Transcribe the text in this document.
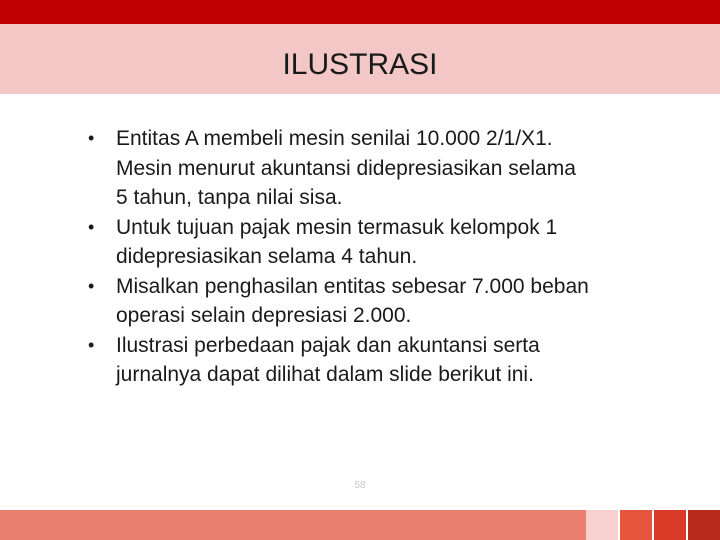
ILUSTRASI
• Entitas A membeli mesin senilai 10.000 2/1/X1.
Mesin menurut akuntansi didepresiasikan selama
5 tahun, tanpa nilai sisa.
• Untuk tujuan pajak mesin termasuk kelompok 1
didepresiasikan selama 4 tahun.
• Misalkan penghasilan entitas sebesar 7.000 beban
operasi selain depresiasi 2.000.
• Ilustrasi perbedaan pajak dan akuntansi serta
jurnalnya dapat dilihat dalam slide berikut ini.
58
